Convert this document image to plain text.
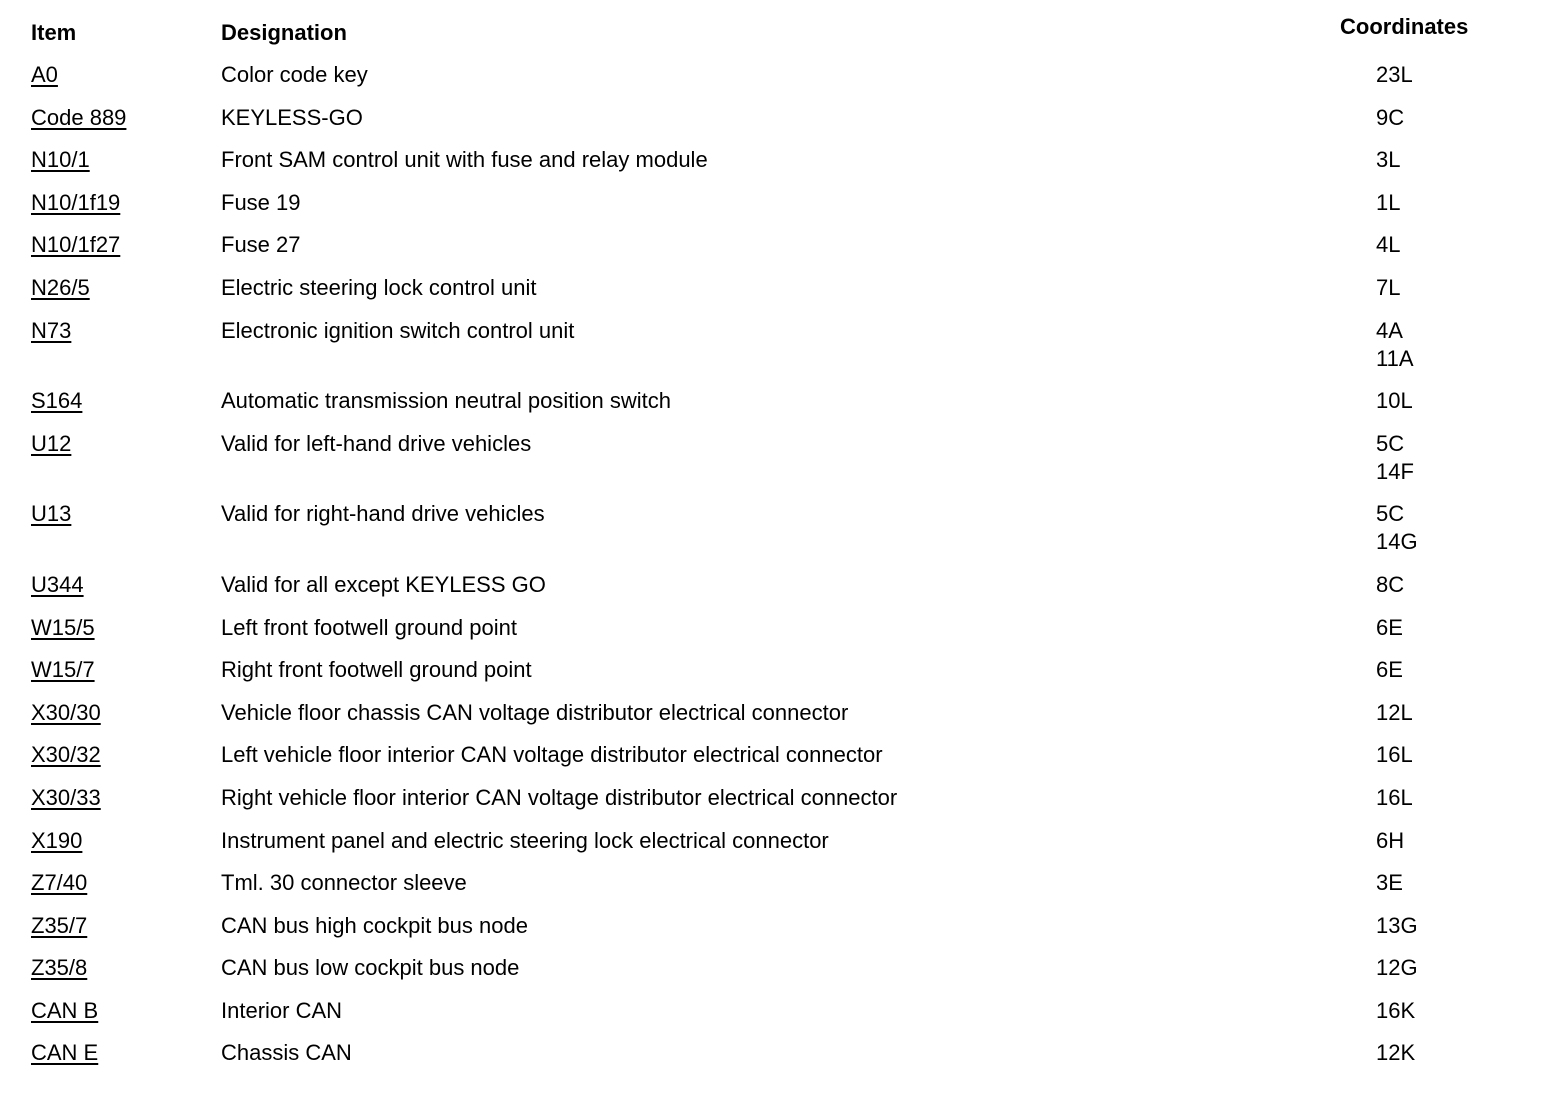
Item	Designation	Coordinates
A0	Color code key	23L
Code 889	KEYLESS-GO	9C
N10/1	Front SAM control unit with fuse and relay module	3L
N10/1f19	Fuse 19	1L
N10/1f27	Fuse 27	4L
N26/5	Electric steering lock control unit	7L
N73	Electronic ignition switch control unit	4A
11A
S164	Automatic transmission neutral position switch	10L
U12	Valid for left-hand drive vehicles	5C
14F
U13	Valid for right-hand drive vehicles	5C
14G
U344	Valid for all except KEYLESS GO	8C
W15/5	Left front footwell ground point	6E
W15/7	Right front footwell ground point	6E
X30/30	Vehicle floor chassis CAN voltage distributor electrical connector	12L
X30/32	Left vehicle floor interior CAN voltage distributor electrical connector	16L
X30/33	Right vehicle floor interior CAN voltage distributor electrical connector	16L
X190	Instrument panel and electric steering lock electrical connector	6H
Z7/40	Tml. 30 connector sleeve	3E
Z35/7	CAN bus high cockpit bus node	13G
Z35/8	CAN bus low cockpit bus node	12G
CAN B	Interior CAN	16K
CAN E	Chassis CAN	12K
